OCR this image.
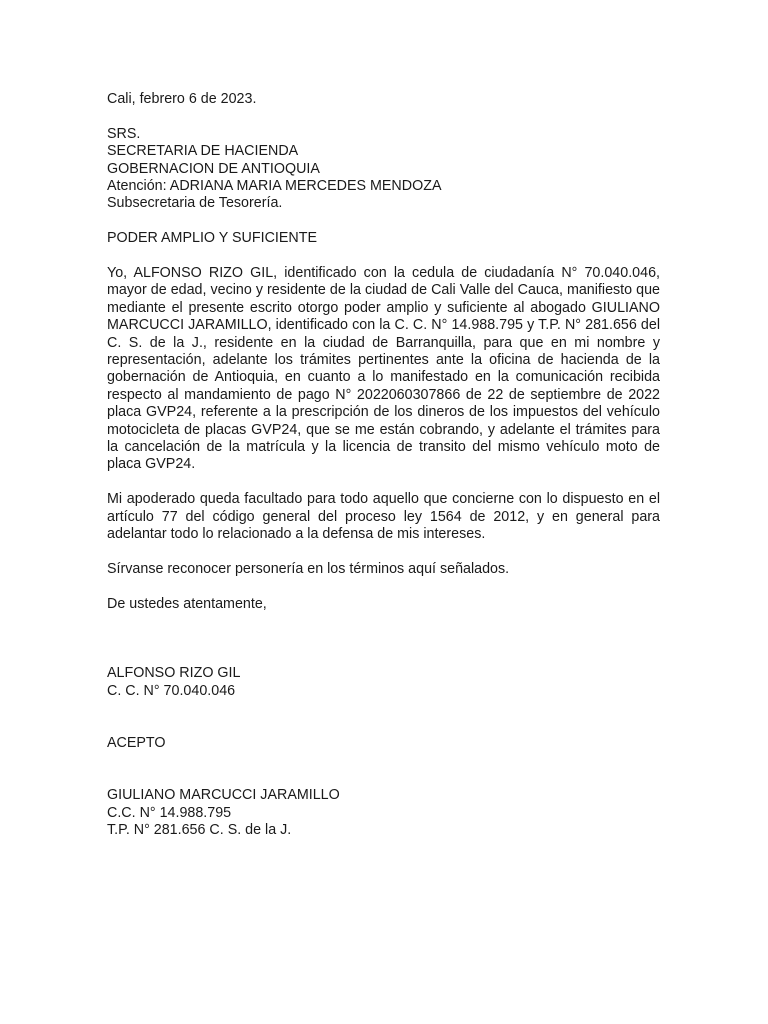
Cali, febrero 6 de 2023.
SRS.
SECRETARIA DE HACIENDA
GOBERNACION DE ANTIOQUIA
Atención: ADRIANA MARIA MERCEDES MENDOZA
Subsecretaria de Tesorería.
PODER AMPLIO Y SUFICIENTE

Yo, ALFONSO RIZO GIL, identificado con la cedula de ciudadanía N° 70.040.046, mayor de edad, vecino y residente de la ciudad de Cali Valle del Cauca, manifiesto que mediante el presente escrito otorgo poder amplio y suficiente al abogado GIULIANO MARCUCCI JARAMILLO, identificado con la C. C. N° 14.988.795 y T.P. N° 281.656 del C. S. de la J., residente en la ciudad de Barranquilla, para que en mi nombre y representación, adelante los trámites pertinentes ante la oficina de hacienda de la gobernación de Antioquia, en cuanto a lo manifestado en la comunicación recibida respecto al mandamiento de pago N° 2022060307866 de 22 de septiembre de 2022 placa GVP24, referente a la prescripción de los dineros de los impuestos del vehículo motocicleta de placas GVP24, que se me están cobrando, y adelante el trámites para la cancelación de la matrícula y la licencia de transito del mismo vehículo moto de placa GVP24.

Mi apoderado queda facultado para todo aquello que concierne con lo dispuesto en el artículo 77 del código general del proceso ley 1564 de 2012, y en general para adelantar todo lo relacionado a la defensa de mis intereses.

Sírvanse reconocer personería en los términos aquí señalados.
De ustedes atentamente,
ALFONSO RIZO GIL
C. C. N° 70.040.046
ACEPTO
GIULIANO MARCUCCI JARAMILLO
C.C. N° 14.988.795
T.P. N° 281.656 C. S. de la J.
